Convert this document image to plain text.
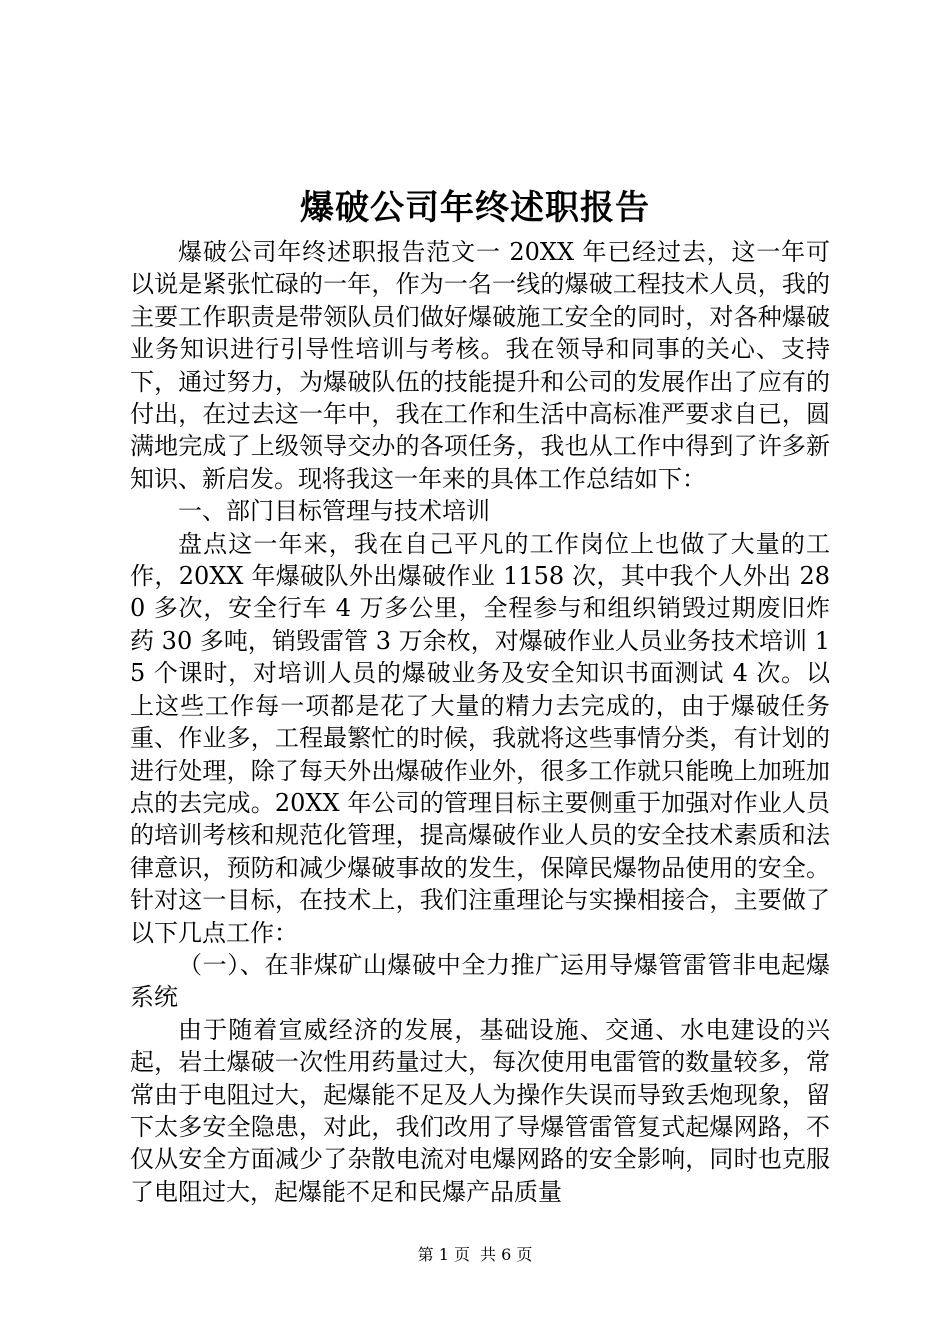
爆破公司年终述职报告

爆破公司年终述职报告范文一 20XX 年已经过去，这一年可以说是紧张忙碌的一年，作为一名一线的爆破工程技术人员，我的主要工作职责是带领队员们做好爆破施工安全的同时，对各种爆破业务知识进行引导性培训与考核。我在领导和同事的关心、支持下，通过努力，为爆破队伍的技能提升和公司的发展作出了应有的付出，在过去这一年中，我在工作和生活中高标准严要求自已，圆满地完成了上级领导交办的各项任务，我也从工作中得到了许多新知识、新启发。现将我这一年来的具体工作总结如下：

一、部门目标管理与技术培训

盘点这一年来，我在自己平凡的工作岗位上也做了大量的工作，20XX 年爆破队外出爆破作业 1158 次，其中我个人外出 280 多次，安全行车 4 万多公里，全程参与和组织销毁过期废旧炸药 30 多吨，销毁雷管 3 万余枚，对爆破作业人员业务技术培训 15 个课时，对培训人员的爆破业务及安全知识书面测试 4 次。以上这些工作每一项都是花了大量的精力去完成的，由于爆破任务重、作业多，工程最繁忙的时候，我就将这些事情分类，有计划的进行处理，除了每天外出爆破作业外，很多工作就只能晚上加班加点的去完成。20XX 年公司的管理目标主要侧重于加强对作业人员的培训考核和规范化管理，提高爆破作业人员的安全技术素质和法律意识，预防和减少爆破事故的发生，保障民爆物品使用的安全。针对这一目标，在技术上，我们注重理论与实操相接合，主要做了以下几点工作：

（一）、在非煤矿山爆破中全力推广运用导爆管雷管非电起爆系统

由于随着宣威经济的发展，基础设施、交通、水电建设的兴起，岩土爆破一次性用药量过大，每次使用电雷管的数量较多，常常由于电阻过大，起爆能不足及人为操作失误而导致丢炮现象，留下太多安全隐患，对此，我们改用了导爆管雷管复式起爆网路，不仅从安全方面减少了杂散电流对电爆网路的安全影响，同时也克服了电阻过大，起爆能不足和民爆产品质量

第 1 页 共 6 页
